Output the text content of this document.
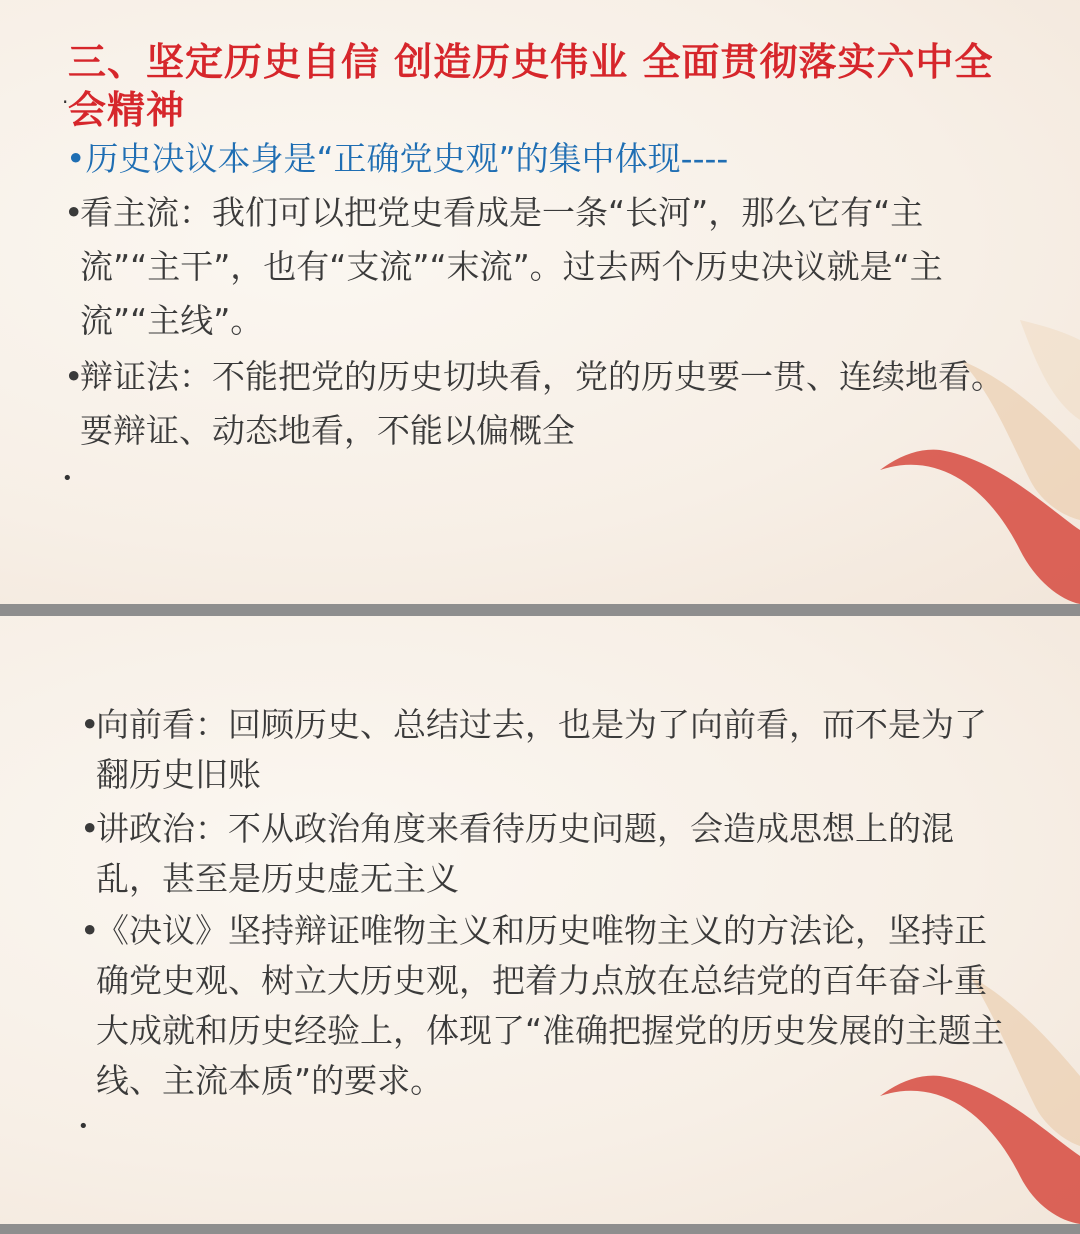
三、坚定历史自信 创造历史伟业 全面贯彻落实六中全会精神
·
•历史决议本身是“正确党史观”的集中体现----
•
看主流：我们可以把党史看成是一条“长河”，那么它有“主流”“主干”，也有“支流”“末流”。过去两个历史决议就是“主流”“主线”。
•
辩证法：不能把党的历史切块看，党的历史要一贯、连续地看。要辩证、动态地看，不能以偏概全
•
•
向前看：回顾历史、总结过去，也是为了向前看，而不是为了翻历史旧账
•
讲政治：不从政治角度来看待历史问题，会造成思想上的混乱，甚至是历史虚无主义
•
《决议》坚持辩证唯物主义和历史唯物主义的方法论，坚持正确党史观、树立大历史观，把着力点放在总结党的百年奋斗重大成就和历史经验上，体现了“准确把握党的历史发展的主题主线、主流本质”的要求。
•
